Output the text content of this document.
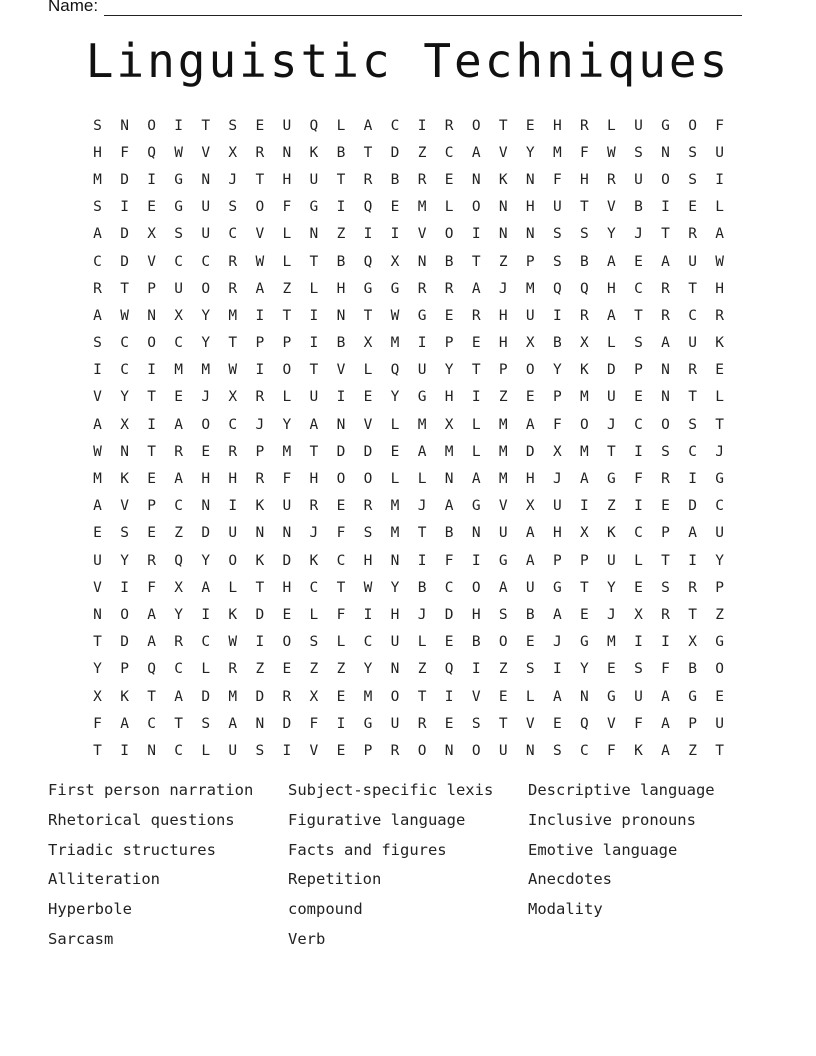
Name:
Linguistic Techniques
S	N	O	I	T	S	E	U	Q	L	A	C	I	R	O	T	E	H	R	L	U	G	O	F
H	F	Q	W	V	X	R	N	K	B	T	D	Z	C	A	V	Y	M	F	W	S	N	S	U
M	D	I	G	N	J	T	H	U	T	R	B	R	E	N	K	N	F	H	R	U	O	S	I
S	I	E	G	U	S	O	F	G	I	Q	E	M	L	O	N	H	U	T	V	B	I	E	L
A	D	X	S	U	C	V	L	N	Z	I	I	V	O	I	N	N	S	S	Y	J	T	R	A
C	D	V	C	C	R	W	L	T	B	Q	X	N	B	T	Z	P	S	B	A	E	A	U	W
R	T	P	U	O	R	A	Z	L	H	G	G	R	R	A	J	M	Q	Q	H	C	R	T	H
A	W	N	X	Y	M	I	T	I	N	T	W	G	E	R	H	U	I	R	A	T	R	C	R
S	C	O	C	Y	T	P	P	I	B	X	M	I	P	E	H	X	B	X	L	S	A	U	K
I	C	I	M	M	W	I	O	T	V	L	Q	U	Y	T	P	O	Y	K	D	P	N	R	E
V	Y	T	E	J	X	R	L	U	I	E	Y	G	H	I	Z	E	P	M	U	E	N	T	L
A	X	I	A	O	C	J	Y	A	N	V	L	M	X	L	M	A	F	O	J	C	O	S	T
W	N	T	R	E	R	P	M	T	D	D	E	A	M	L	M	D	X	M	T	I	S	C	J
M	K	E	A	H	H	R	F	H	O	O	L	L	N	A	M	H	J	A	G	F	R	I	G
A	V	P	C	N	I	K	U	R	E	R	M	J	A	G	V	X	U	I	Z	I	E	D	C
E	S	E	Z	D	U	N	N	J	F	S	M	T	B	N	U	A	H	X	K	C	P	A	U
U	Y	R	Q	Y	O	K	D	K	C	H	N	I	F	I	G	A	P	P	U	L	T	I	Y
V	I	F	X	A	L	T	H	C	T	W	Y	B	C	O	A	U	G	T	Y	E	S	R	P
N	O	A	Y	I	K	D	E	L	F	I	H	J	D	H	S	B	A	E	J	X	R	T	Z
T	D	A	R	C	W	I	O	S	L	C	U	L	E	B	O	E	J	G	M	I	I	X	G
Y	P	Q	C	L	R	Z	E	Z	Z	Y	N	Z	Q	I	Z	S	I	Y	E	S	F	B	O
X	K	T	A	D	M	D	R	X	E	M	O	T	I	V	E	L	A	N	G	U	A	G	E
F	A	C	T	S	A	N	D	F	I	G	U	R	E	S	T	V	E	Q	V	F	A	P	U
T	I	N	C	L	U	S	I	V	E	P	R	O	N	O	U	N	S	C	F	K	A	Z	T
First person narration
Rhetorical questions
Triadic structures
Alliteration
Hyperbole
Sarcasm
Subject-specific lexis
Figurative language
Facts and figures
Repetition
compound
Verb
Descriptive language
Inclusive pronouns
Emotive language
Anecdotes
Modality
